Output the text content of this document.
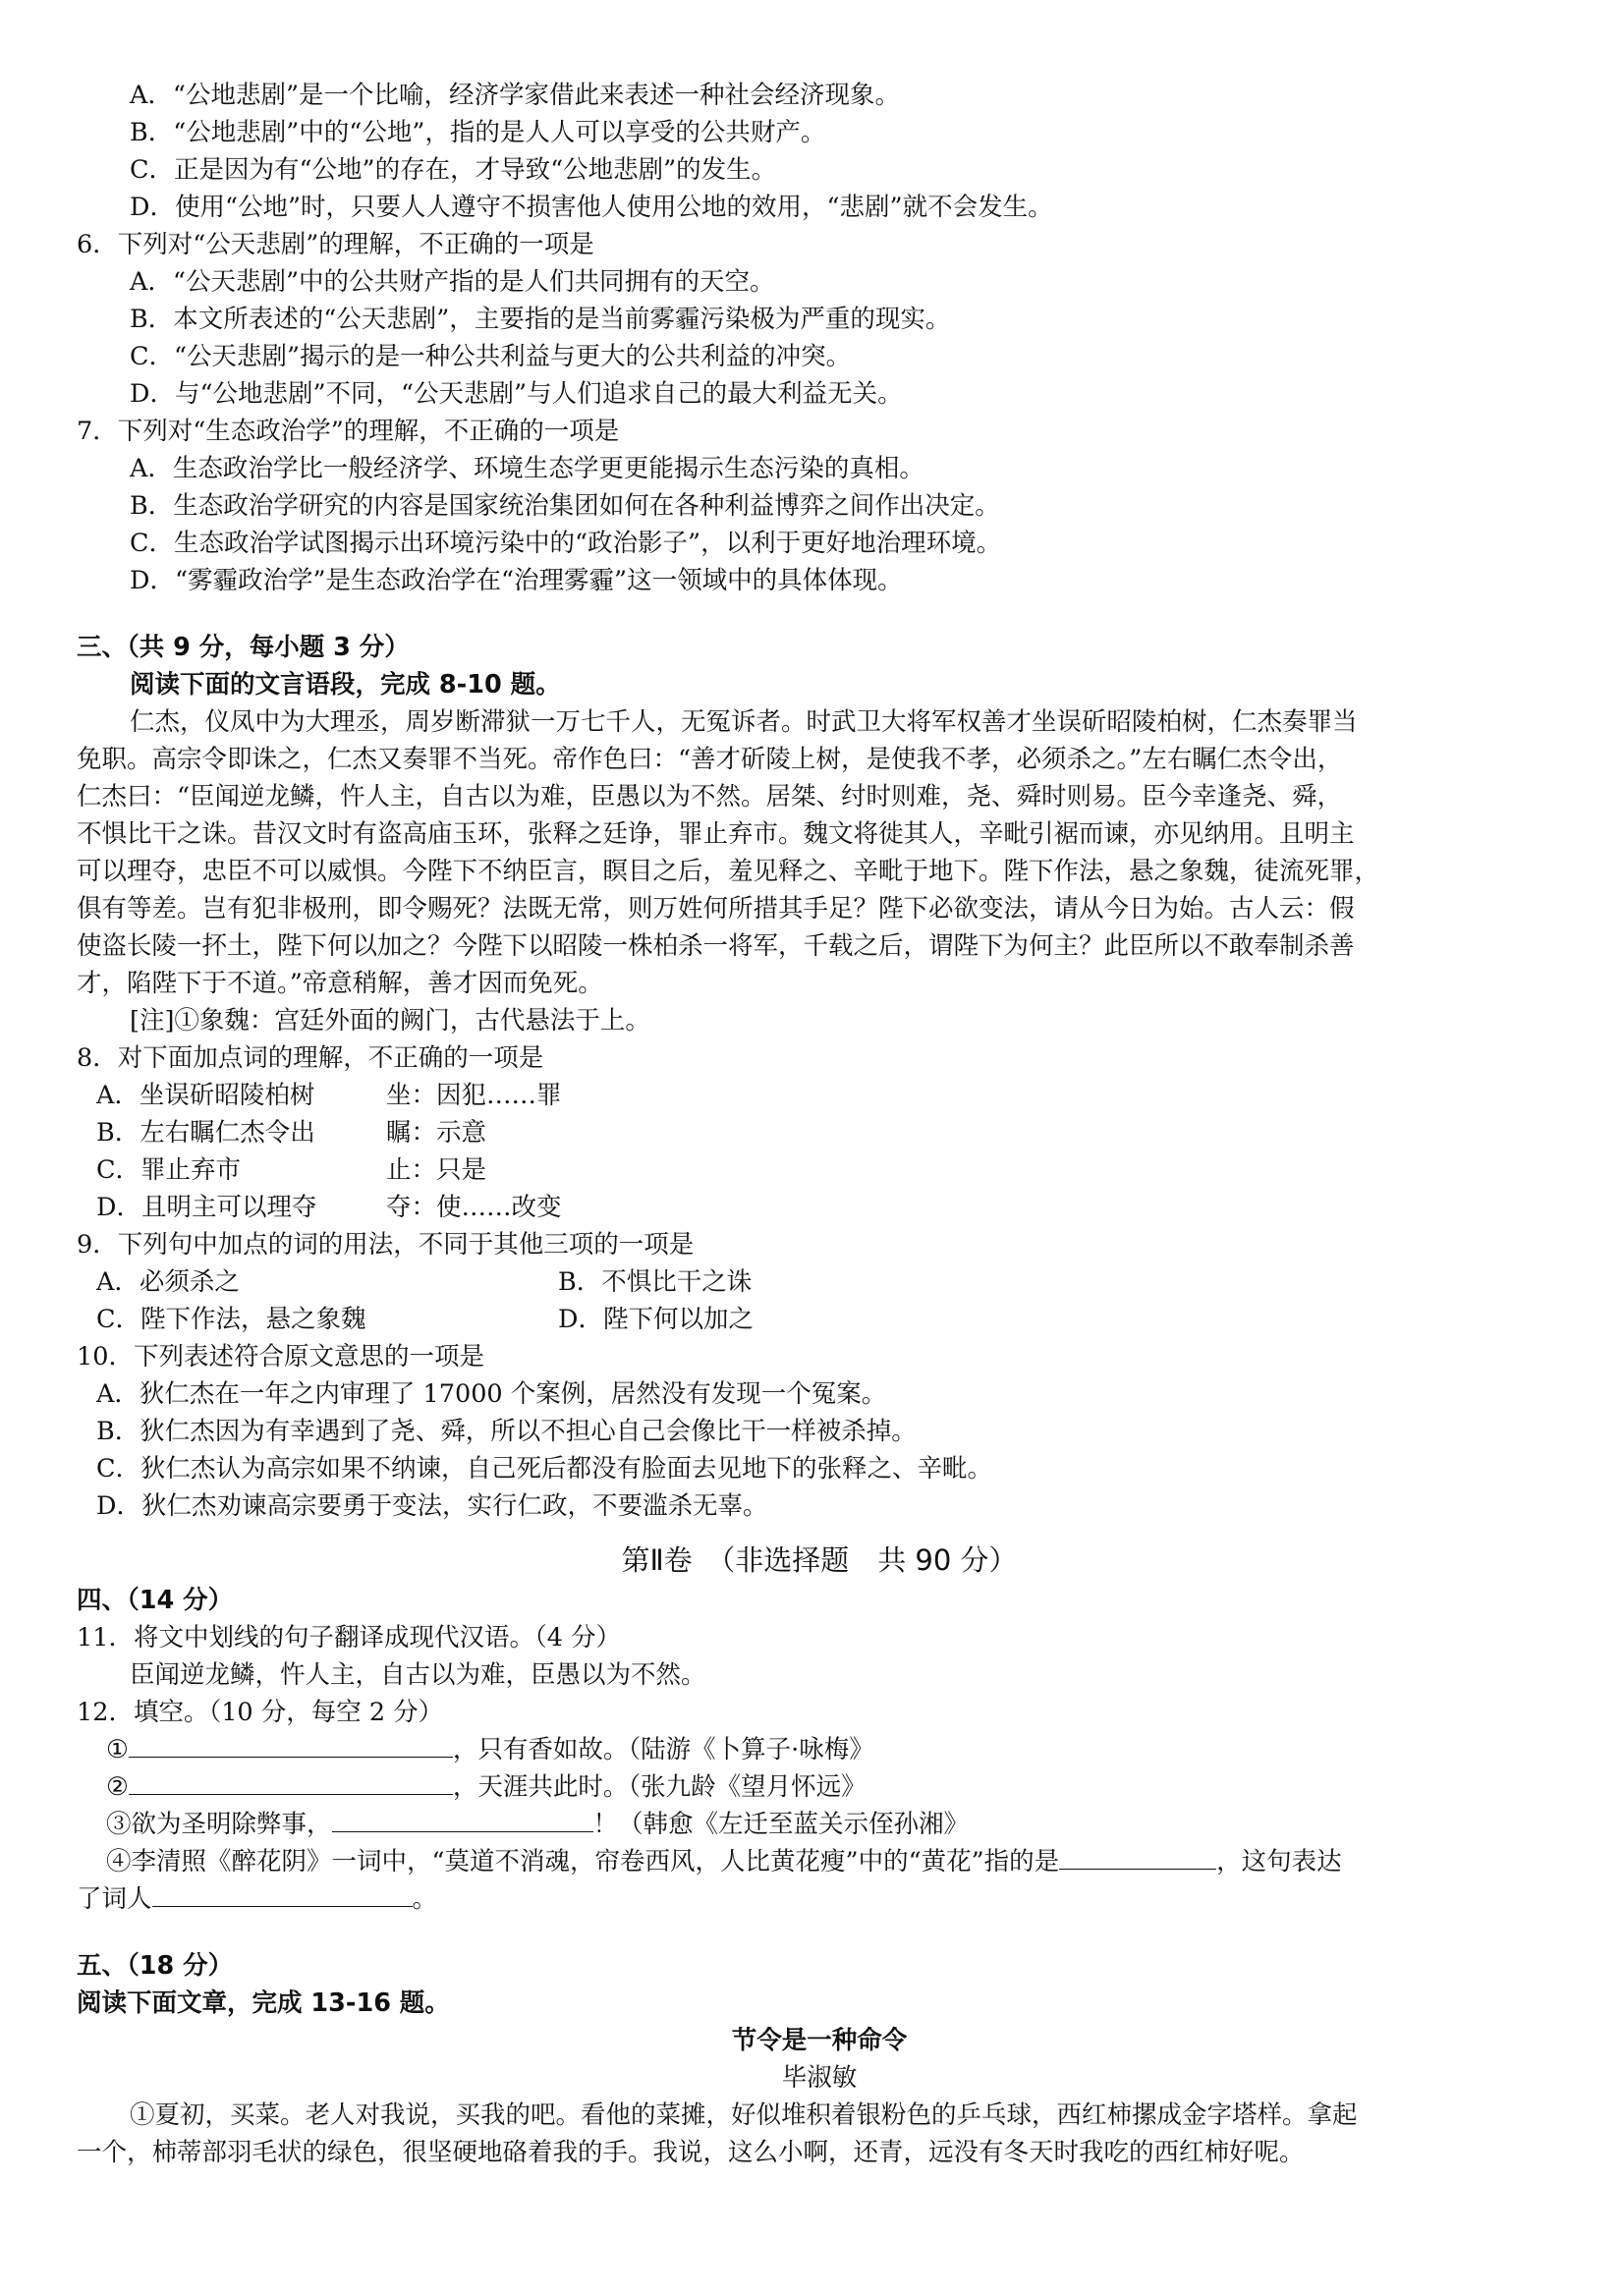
A．“公地悲剧”是一个比喻，经济学家借此来表述一种社会经济现象。
B．“公地悲剧”中的“公地”，指的是人人可以享受的公共财产。
C．正是因为有“公地”的存在，才导致“公地悲剧”的发生。
D．使用“公地”时，只要人人遵守不损害他人使用公地的效用，“悲剧”就不会发生。
6．下列对“公天悲剧”的理解，不正确的一项是
A．“公天悲剧”中的公共财产指的是人们共同拥有的天空。
B．本文所表述的“公天悲剧”，主要指的是当前雾霾污染极为严重的现实。
C．“公天悲剧”揭示的是一种公共利益与更大的公共利益的冲突。
D．与“公地悲剧”不同，“公天悲剧”与人们追求自己的最大利益无关。
7．下列对“生态政治学”的理解，不正确的一项是
A．生态政治学比一般经济学、环境生态学更更能揭示生态污染的真相。
B．生态政治学研究的内容是国家统治集团如何在各种利益博弈之间作出决定。
C．生态政治学试图揭示出环境污染中的“政治影子”，以利于更好地治理环境。
D．“雾霾政治学”是生态政治学在“治理雾霾”这一领域中的具体体现。
三、（共 9 分，每小题 3 分）
阅读下面的文言语段，完成 8-10 题。
仁杰，仪凤中为大理丞，周岁断滞狱一万七千人，无冤诉者。时武卫大将军权善才坐误斫昭陵柏树，仁杰奏罪当
免职。高宗令即诛之，仁杰又奏罪不当死。帝作色曰：“善才斫陵上树，是使我不孝，必须杀之。”左右瞩仁杰令出，
仁杰曰：“臣闻逆龙鳞，忤人主，自古以为难，臣愚以为不然。居桀、纣时则难，尧、舜时则易。臣今幸逢尧、舜，
不惧比干之诛。昔汉文时有盗高庙玉环，张释之廷诤，罪止弃市。魏文将徙其人，辛毗引裾而谏，亦见纳用。且明主
可以理夺，忠臣不可以威惧。今陛下不纳臣言，瞑目之后，羞见释之、辛毗于地下。陛下作法，悬之象魏，徒流死罪，
俱有等差。岂有犯非极刑，即令赐死？法既无常，则万姓何所措其手足？陛下必欲变法，请从今日为始。古人云：假
使盗长陵一抔土，陛下何以加之？今陛下以昭陵一株柏杀一将军，千载之后，谓陛下为何主？此臣所以不敢奉制杀善
才，陷陛下于不道。”帝意稍解，善才因而免死。
[注]①象魏：宫廷外面的阙门，古代悬法于上。
8．对下面加点词的理解，不正确的一项是
A．坐误斫昭陵柏树	坐：因犯……罪
B．左右瞩仁杰令出	瞩：示意
C．罪止弃市	止：只是
D．且明主可以理夺	夺：使……改变
9．下列句中加点的词的用法，不同于其他三项的一项是
A．必须杀之	B．不惧比干之诛
C．陛下作法，悬之象魏	D．陛下何以加之
10．下列表述符合原文意思的一项是
A．狄仁杰在一年之内审理了 17000 个案例，居然没有发现一个冤案。
B．狄仁杰因为有幸遇到了尧、舜，所以不担心自己会像比干一样被杀掉。
C．狄仁杰认为高宗如果不纳谏，自己死后都没有脸面去见地下的张释之、辛毗。
D．狄仁杰劝谏高宗要勇于变法，实行仁政，不要滥杀无辜。
第Ⅱ卷　（非选择题　共 90 分）
四、（14 分）
11．将文中划线的句子翻译成现代汉语。（4 分）
臣闻逆龙鳞，忤人主，自古以为难，臣愚以为不然。
12．填空。（10 分，每空 2 分）
①	，只有香如故。（陆游《卜算子·咏梅》
②	，天涯共此时。（张九龄《望月怀远》
③欲为圣明除弊事，	！（韩愈《左迁至蓝关示侄孙湘》
④李清照《醉花阴》一词中，“莫道不消魂，帘卷西风，人比黄花瘦”中的“黄花”指的是	，这句表达
了词人	。
五、（18 分）
阅读下面文章，完成 13-16 题。
节令是一种命令
毕淑敏
①夏初，买菜。老人对我说，买我的吧。看他的菜摊，好似堆积着银粉色的乒乓球，西红柿摞成金字塔样。拿起
一个，柿蒂部羽毛状的绿色，很坚硬地硌着我的手。我说，这么小啊，还青，远没有冬天时我吃的西红柿好呢。
